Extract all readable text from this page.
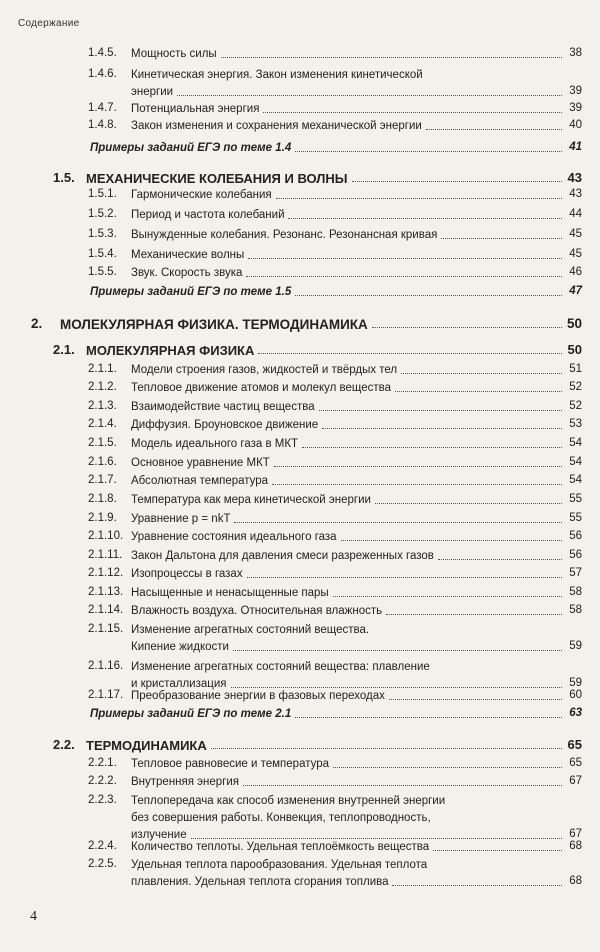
Содержание
1.4.5. Мощность силы	38
1.4.6. Кинетическая энергия. Закон изменения кинетической
энергии	39
1.4.7. Потенциальная энергия	39
1.4.8. Закон изменения и сохранения механической энергии	40
Примеры заданий ЕГЭ по теме 1.4	41
1.5. МЕХАНИЧЕСКИЕ КОЛЕБАНИЯ И ВОЛНЫ	43
1.5.1. Гармонические колебания	43
1.5.2. Период и частота колебаний	44
1.5.3. Вынужденные колебания. Резонанс. Резонансная кривая	45
1.5.4. Механические волны	45
1.5.5. Звук. Скорость звука	46
Примеры заданий ЕГЭ по теме 1.5	47
2. МОЛЕКУЛЯРНАЯ ФИЗИКА. ТЕРМОДИНАМИКА	50
2.1. МОЛЕКУЛЯРНАЯ ФИЗИКА	50
2.1.1. Модели строения газов, жидкостей и твёрдых тел	51
2.1.2. Тепловое движение атомов и молекул вещества	52
2.1.3. Взаимодействие частиц вещества	52
2.1.4. Диффузия. Броуновское движение	53
2.1.5. Модель идеального газа в МКТ	54
2.1.6. Основное уравнение МКТ	54
2.1.7. Абсолютная температура	54
2.1.8. Температура как мера кинетической энергии	55
2.1.9. Уравнение p = nkT	55
2.1.10. Уравнение состояния идеального газа	56
2.1.11. Закон Дальтона для давления смеси разреженных газов	56
2.1.12. Изопроцессы в газах	57
2.1.13. Насыщенные и ненасыщенные пары	58
2.1.14. Влажность воздуха. Относительная влажность	58
2.1.15. Изменение агрегатных состояний вещества.
Кипение жидкости	59
2.1.16. Изменение агрегатных состояний вещества: плавление
и кристаллизация	59
2.1.17. Преобразование энергии в фазовых переходах	60
Примеры заданий ЕГЭ по теме 2.1	63
2.2. ТЕРМОДИНАМИКА	65
2.2.1. Тепловое равновесие и температура	65
2.2.2. Внутренняя энергия	67
2.2.3. Теплопередача как способ изменения внутренней энергии
без совершения работы. Конвекция, теплопроводность,
излучение	67
2.2.4. Количество теплоты. Удельная теплоёмкость вещества	68
2.2.5. Удельная теплота парообразования. Удельная теплота
плавления. Удельная теплота сгорания топлива	68
4
